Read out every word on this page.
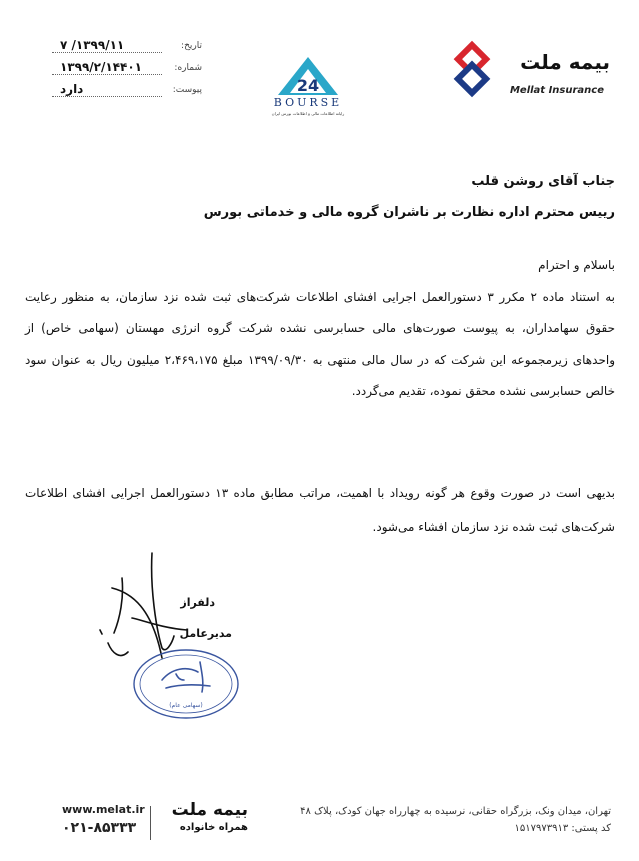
تاریخ:
۱۳۹۹/۱۱/ ۷
شماره:
۱۳۹۹/۲/۱۴۴۰۱
پیوست:
دارد	24
BOURSE
رایانه اطلاعات مالی و اطلاعات بورس ایران
بیمه ملت
Mellat Insurance
جناب آقای روشن قلب
رییس محترم اداره نظارت بر ناشران گروه مالی و خدماتی بورس
باسلام و احترام

به استناد ماده ۲ مکرر ۳ دستورالعمل اجرایی افشای اطلاعات شرکت‌های ثبت شده نزد سازمان، به منظور رعایت حقوق سهامداران، به پیوست صورت‌های مالی حسابرسی نشده شرکت گروه انرژی مهستان (سهامی خاص) از واحدهای زیرمجموعه این شرکت که در سال مالی منتهی به ۱۳۹۹/۰۹/۳۰ مبلغ ۲،۴۶۹،۱۷۵ میلیون ریال به عنوان سود خالص حسابرسی نشده محقق نموده، تقدیم می‌گردد.

بدیهی است در صورت وقوع هر گونه رویداد با اهمیت، مراتب مطابق ماده ۱۳ دستورالعمل اجرایی افشای اطلاعات شرکت‌های ثبت شده نزد سازمان افشاء می‌شود.

دلفراز
مدیرعامل
(سهامی عام)
www.melat.ir
۰۲۱-۸۵۳۳۳
بیمه ملت
همراه خانواده
تهران، میدان ونک، بزرگراه حقانی، نرسیده به چهارراه جهان کودک، پلاک ۴۸
کد پستی: ۱۵۱۷۹۷۳۹۱۳
